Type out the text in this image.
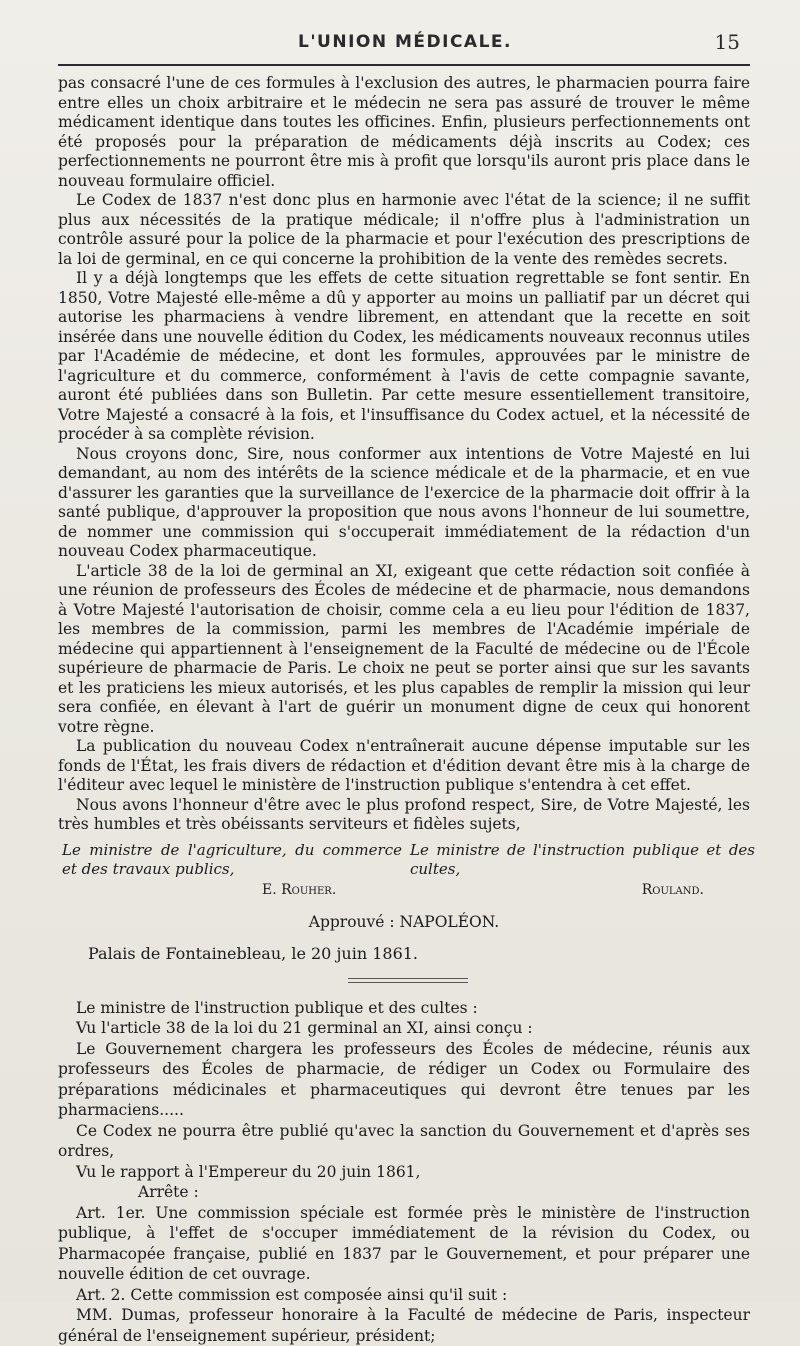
L'UNION MÉDICALE.	15

pas consacré l'une de ces formules à l'exclusion des autres, le pharmacien pourra faire entre elles un choix arbitraire et le médecin ne sera pas assuré de trouver le même médicament identique dans toutes les officines. Enfin, plusieurs perfectionnements ont été proposés pour la préparation de médicaments déjà inscrits au Codex; ces perfectionnements ne pourront être mis à profit que lorsqu'ils auront pris place dans le nouveau formulaire officiel.

Le Codex de 1837 n'est donc plus en harmonie avec l'état de la science; il ne suffit plus aux nécessités de la pratique médicale; il n'offre plus à l'administration un contrôle assuré pour la police de la pharmacie et pour l'exécution des prescriptions de la loi de germinal, en ce qui concerne la prohibition de la vente des remèdes secrets.

Il y a déjà longtemps que les effets de cette situation regrettable se font sentir. En 1850, Votre Majesté elle-même a dû y apporter au moins un palliatif par un décret qui autorise les pharmaciens à vendre librement, en attendant que la recette en soit insérée dans une nouvelle édition du Codex, les médicaments nouveaux reconnus utiles par l'Académie de médecine, et dont les formules, approuvées par le ministre de l'agriculture et du commerce, conformément à l'avis de cette compagnie savante, auront été publiées dans son Bulletin. Par cette mesure essentiellement transitoire, Votre Majesté a consacré à la fois, et l'insuffisance du Codex actuel, et la nécessité de procéder à sa complète révision.

Nous croyons donc, Sire, nous conformer aux intentions de Votre Majesté en lui demandant, au nom des intérêts de la science médicale et de la pharmacie, et en vue d'assurer les garanties que la surveillance de l'exercice de la pharmacie doit offrir à la santé publique, d'approuver la proposition que nous avons l'honneur de lui soumettre, de nommer une commission qui s'occuperait immédiatement de la rédaction d'un nouveau Codex pharmaceutique.

L'article 38 de la loi de germinal an XI, exigeant que cette rédaction soit confiée à une réunion de professeurs des Écoles de médecine et de pharmacie, nous demandons à Votre Majesté l'autorisation de choisir, comme cela a eu lieu pour l'édition de 1837, les membres de la commission, parmi les membres de l'Académie impériale de médecine qui appartiennent à l'enseignement de la Faculté de médecine ou de l'École supérieure de pharmacie de Paris. Le choix ne peut se porter ainsi que sur les savants et les praticiens les mieux autorisés, et les plus capables de remplir la mission qui leur sera confiée, en élevant à l'art de guérir un monument digne de ceux qui honorent votre règne.

La publication du nouveau Codex n'entraînerait aucune dépense imputable sur les fonds de l'État, les frais divers de rédaction et d'édition devant être mis à la charge de l'éditeur avec lequel le ministère de l'instruction publique s'entendra à cet effet.

Nous avons l'honneur d'être avec le plus profond respect, Sire, de Votre Majesté, les très humbles et très obéissants serviteurs et fidèles sujets,

Le ministre de l'agriculture, du commerce et des travaux publics,
Le ministre de l'instruction publique et des cultes,
E. Rouher.	Rouland.
Approuvé : NAPOLÉON.
Palais de Fontainebleau, le 20 juin 1861.

Le ministre de l'instruction publique et des cultes :

Vu l'article 38 de la loi du 21 germinal an XI, ainsi conçu :

Le Gouvernement chargera les professeurs des Écoles de médecine, réunis aux professeurs des Écoles de pharmacie, de rédiger un Codex ou Formulaire des préparations médicinales et pharmaceutiques qui devront être tenues par les pharmaciens.....

Ce Codex ne pourra être publié qu'avec la sanction du Gouvernement et d'après ses ordres,

Vu le rapport à l'Empereur du 20 juin 1861,

Arrête :

Art. 1er. Une commission spéciale est formée près le ministère de l'instruction publique, à l'effet de s'occuper immédiatement de la révision du Codex, ou Pharmacopée française, publié en 1837 par le Gouvernement, et pour préparer une nouvelle édition de cet ouvrage.

Art. 2. Cette commission est composée ainsi qu'il suit :

MM. Dumas, professeur honoraire à la Faculté de médecine de Paris, inspecteur général de l'enseignement supérieur, président;
